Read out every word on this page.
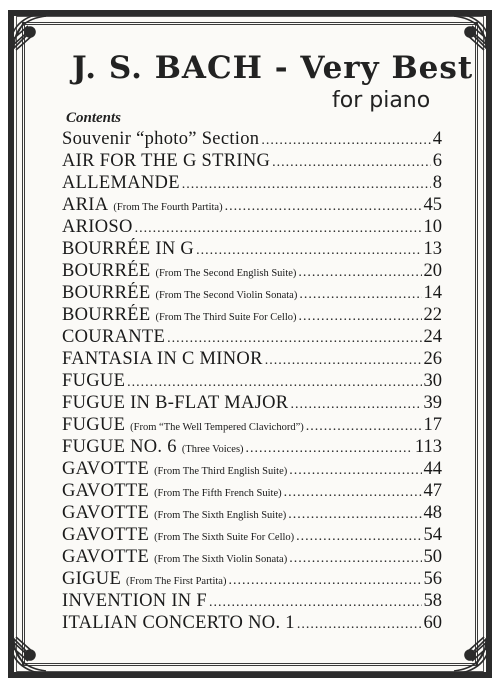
J. S. BACH - Very Best
for piano
Contents
Souvenir “photo” Section .....	4
AIR FOR THE G STRING .....	6
ALLEMANDE .....	8
ARIA (From The Fourth Partita) .....	45
ARIOSO .....	10
BOURRÉE IN G .....	13
BOURRÉE (From The Second English Suite) .....	20
BOURRÉE (From The Second Violin Sonata) .....	14
BOURRÉE (From The Third Suite For Cello) .....	22
COURANTE .....	24
FANTASIA IN C MINOR .....	26
FUGUE .....	30
FUGUE IN B-FLAT MAJOR .....	39
FUGUE (From “The Well Tempered Clavichord”) .....	17
FUGUE NO. 6 (Three Voices) .....	113
GAVOTTE (From The Third English Suite) .....	44
GAVOTTE (From The Fifth French Suite) .....	47
GAVOTTE (From The Sixth English Suite) .....	48
GAVOTTE (From The Sixth Suite For Cello) .....	54
GAVOTTE (From The Sixth Violin Sonata) .....	50
GIGUE (From The First Partita) .....	56
INVENTION IN F .....	58
ITALIAN CONCERTO NO. 1 .....	60
